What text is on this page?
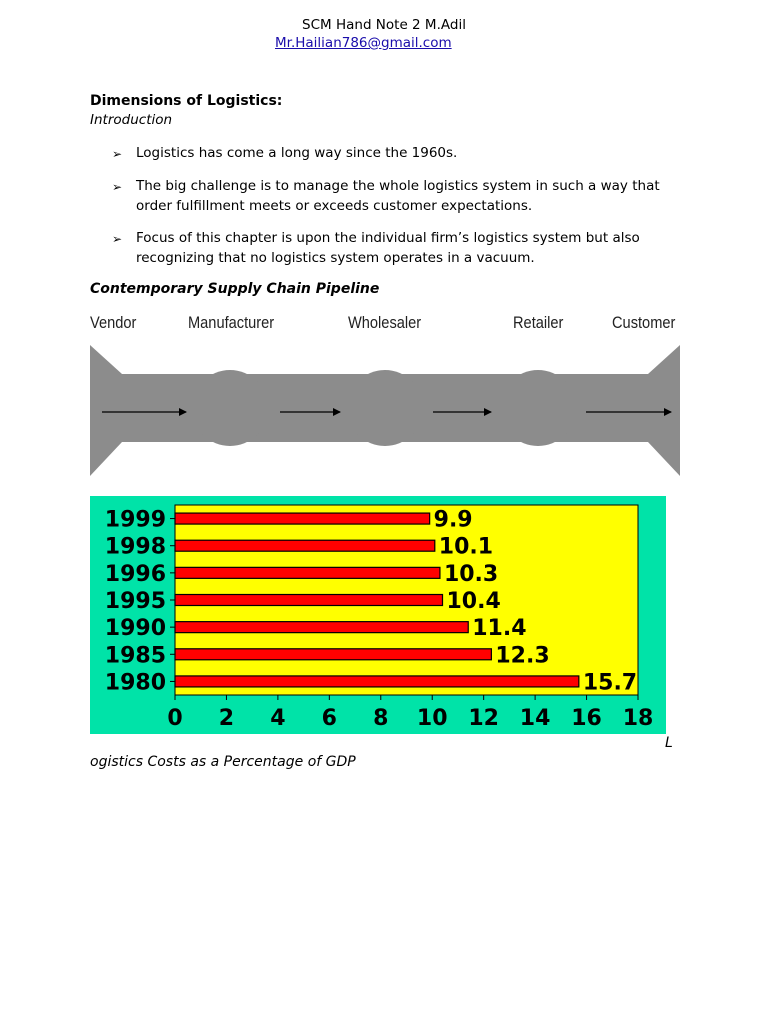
SCM Hand Note 2 M.Adil
Mr.Hailian786@gmail.com
Dimensions of Logistics:
Introduction
➢	Logistics has come a long way since the 1960s.
➢	The big challenge is to manage the whole logistics system in such a way that order fulfillment meets or exceeds customer expectations.
➢	Focus of this chapter is upon the individual firm’s logistics system but also recognizing that no logistics system operates in a vacuum.
Contemporary Supply Chain Pipeline
Vendor	Manufacturer	Wholesaler	Retailer	Customer
1999	9.9
1998	10.1
1996	10.3
1995	10.4
1990	11.4
1985	12.3
1980	15.7
0 2 4 6 8 10 12 14 16 18
L
ogistics Costs as a Percentage of GDP
